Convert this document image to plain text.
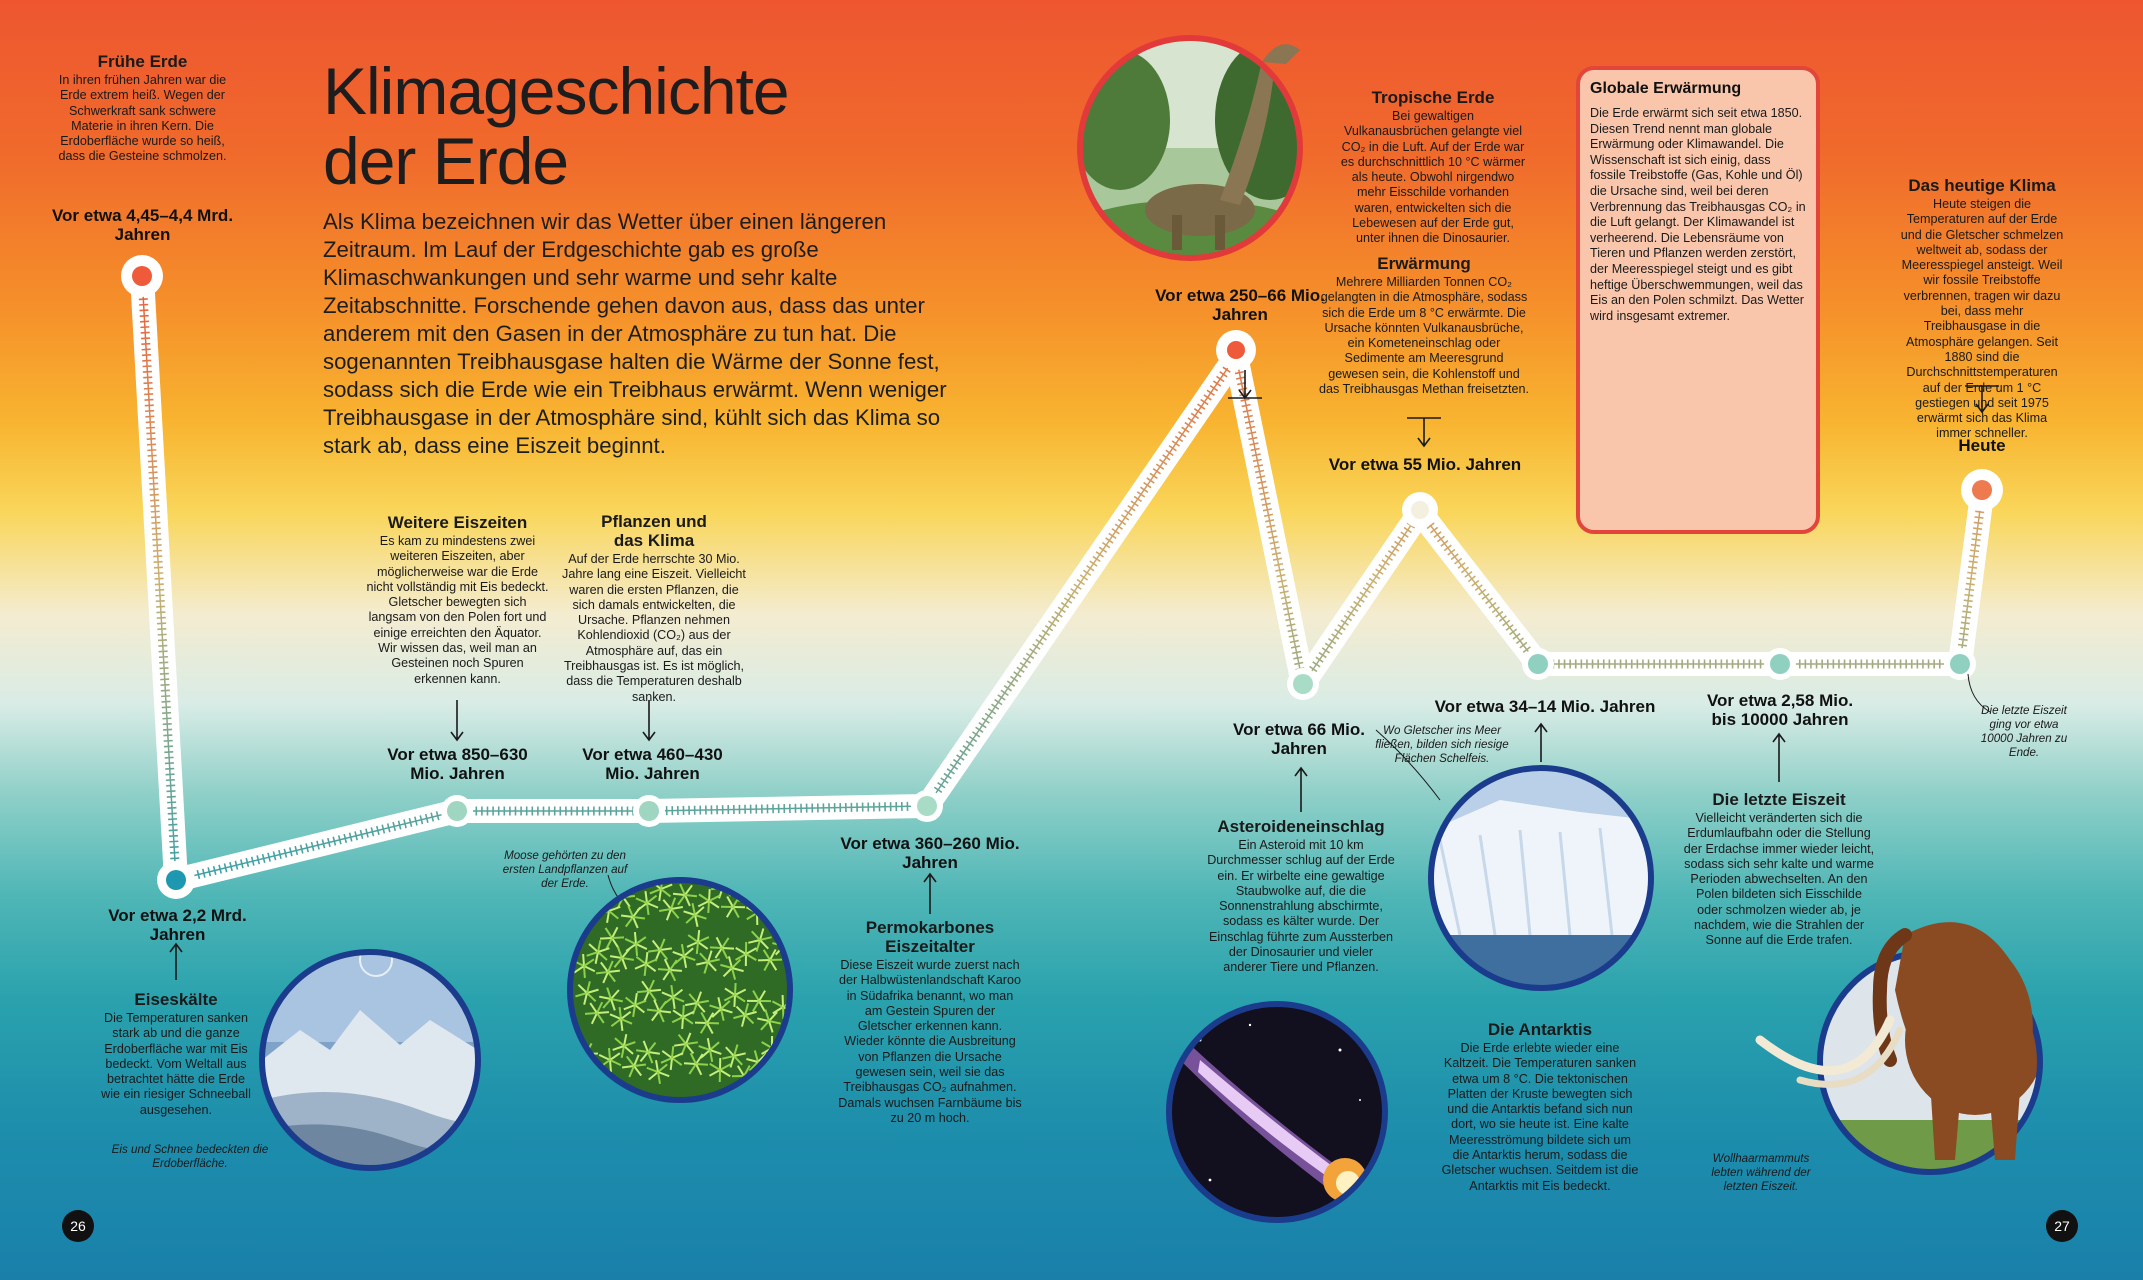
Klimageschichte
der Erde

Als Klima bezeichnen wir das Wetter über einen längeren Zeitraum. Im Lauf der Erdgeschichte gab es große Klimaschwankungen und sehr warme und sehr kalte Zeitabschnitte. Forschende gehen davon aus, dass das unter anderem mit den Gasen in der Atmosphäre zu tun hat. Die sogenannten Treibhausgase halten die Wärme der Sonne fest, sodass sich die Erde wie ein Treibhaus erwärmt. Wenn weniger Treibhausgase in der Atmosphäre sind, kühlt sich das Klima so stark ab, dass eine Eiszeit beginnt.

Frühe Erde
In ihren frühen Jahren war die Erde extrem heiß. Wegen der Schwerkraft sank schwere Materie in ihren Kern. Die Erdoberfläche wurde so heiß, dass die Gesteine schmolzen.
Vor etwa 4,45–4,4 Mrd. Jahren
Vor etwa 2,2 Mrd. Jahren
Eiseskälte
Die Temperaturen sanken stark ab und die ganze Erdoberfläche war mit Eis bedeckt. Vom Weltall aus betrachtet hätte die Erde wie ein riesiger Schneeball ausgesehen.
Eis und Schnee bedeckten die Erdoberfläche.
Weitere Eiszeiten
Es kam zu mindestens zwei weiteren Eiszeiten, aber möglicherweise war die Erde nicht vollständig mit Eis bedeckt. Gletscher bewegten sich langsam von den Polen fort und einige erreichten den Äquator. Wir wissen das, weil man an Gesteinen noch Spuren erkennen kann.
Vor etwa 850–630 Mio. Jahren
Pflanzen und das Klima
Auf der Erde herrschte 30 Mio. Jahre lang eine Eiszeit. Vielleicht waren die ersten Pflanzen, die sich damals entwickelten, die Ursache. Pflanzen nehmen Kohlendioxid (CO₂) aus der Atmosphäre auf, das ein Treibhausgas ist. Es ist möglich, dass die Temperaturen deshalb sanken.
Vor etwa 460–430 Mio. Jahren
Moose gehörten zu den ersten Landpflanzen auf der Erde.
Vor etwa 360–260 Mio. Jahren
Permokarbones Eiszeitalter
Diese Eiszeit wurde zuerst nach der Halbwüstenlandschaft Karoo in Südafrika benannt, wo man am Gestein Spuren der Gletscher erkennen kann. Wieder könnte die Ausbreitung von Pflanzen die Ursache gewesen sein, weil sie das Treibhausgas CO₂ aufnahmen. Damals wuchsen Farnbäume bis zu 20 m hoch.
Tropische Erde
Bei gewaltigen Vulkanausbrüchen gelangte viel CO₂ in die Luft. Auf der Erde war es durchschnittlich 10 °C wärmer als heute. Obwohl nirgendwo mehr Eisschilde vorhanden waren, entwickelten sich die Lebewesen auf der Erde gut, unter ihnen die Dinosaurier.
Vor etwa 250–66 Mio. Jahren
Erwärmung
Mehrere Milliarden Tonnen CO₂ gelangten in die Atmosphäre, sodass sich die Erde um 8 °C erwärmte. Die Ursache könnten Vulkanausbrüche, ein Kometeneinschlag oder Sedimente am Meeresgrund gewesen sein, die Kohlenstoff und das Treibhausgas Methan freisetzten.
Vor etwa 55 Mio. Jahren
Vor etwa 66 Mio. Jahren
Asteroideneinschlag
Ein Asteroid mit 10 km Durchmesser schlug auf der Erde ein. Er wirbelte eine gewaltige Staubwolke auf, die die Sonnenstrahlung abschirmte, sodass es kälter wurde. Der Einschlag führte zum Aussterben der Dinosaurier und vieler anderer Tiere und Pflanzen.
Vor etwa 34–14 Mio. Jahren
Wo Gletscher ins Meer fließen, bilden sich riesige Flächen Schelfeis.
Die Antarktis
Die Erde erlebte wieder eine Kaltzeit. Die Temperaturen sanken etwa um 8 °C. Die tektonischen Platten der Kruste bewegten sich und die Antarktis befand sich nun dort, wo sie heute ist. Eine kalte Meeresströmung bildete sich um die Antarktis herum, sodass die Gletscher wuchsen. Seitdem ist die Antarktis mit Eis bedeckt.
Vor etwa 2,58 Mio. bis 10000 Jahren
Die letzte Eiszeit
Vielleicht veränderten sich die Erdumlaufbahn oder die Stellung der Erdachse immer wieder leicht, sodass sich sehr kalte und warme Perioden abwechselten. An den Polen bildeten sich Eisschilde oder schmolzen wieder ab, je nachdem, wie die Strahlen der Sonne auf die Erde trafen.
Die letzte Eiszeit ging vor etwa 10000 Jahren zu Ende.
Wollhaarmammuts lebten während der letzten Eiszeit.
Das heutige Klima
Heute steigen die Temperaturen auf der Erde und die Gletscher schmelzen weltweit ab, sodass der Meeresspiegel ansteigt. Weil wir fossile Treibstoffe verbrennen, tragen wir dazu bei, dass mehr Treibhausgase in die Atmosphäre gelangen. Seit 1880 sind die Durchschnittstemperaturen auf der Erde um 1 °C gestiegen und seit 1975 erwärmt sich das Klima immer schneller.
Heute
Globale Erwärmung
Die Erde erwärmt sich seit etwa 1850. Diesen Trend nennt man globale Erwärmung oder Klimawandel. Die Wissenschaft ist sich einig, dass fossile Treibstoffe (Gas, Kohle und Öl) die Ursache sind, weil bei deren Verbrennung das Treibhausgas CO₂ in die Luft gelangt. Der Klimawandel ist verheerend. Die Lebensräume von Tieren und Pflanzen werden zerstört, der Meeresspiegel steigt und es gibt heftige Überschwemmungen, weil das Eis an den Polen schmilzt. Das Wetter wird insgesamt extremer.
26	27
